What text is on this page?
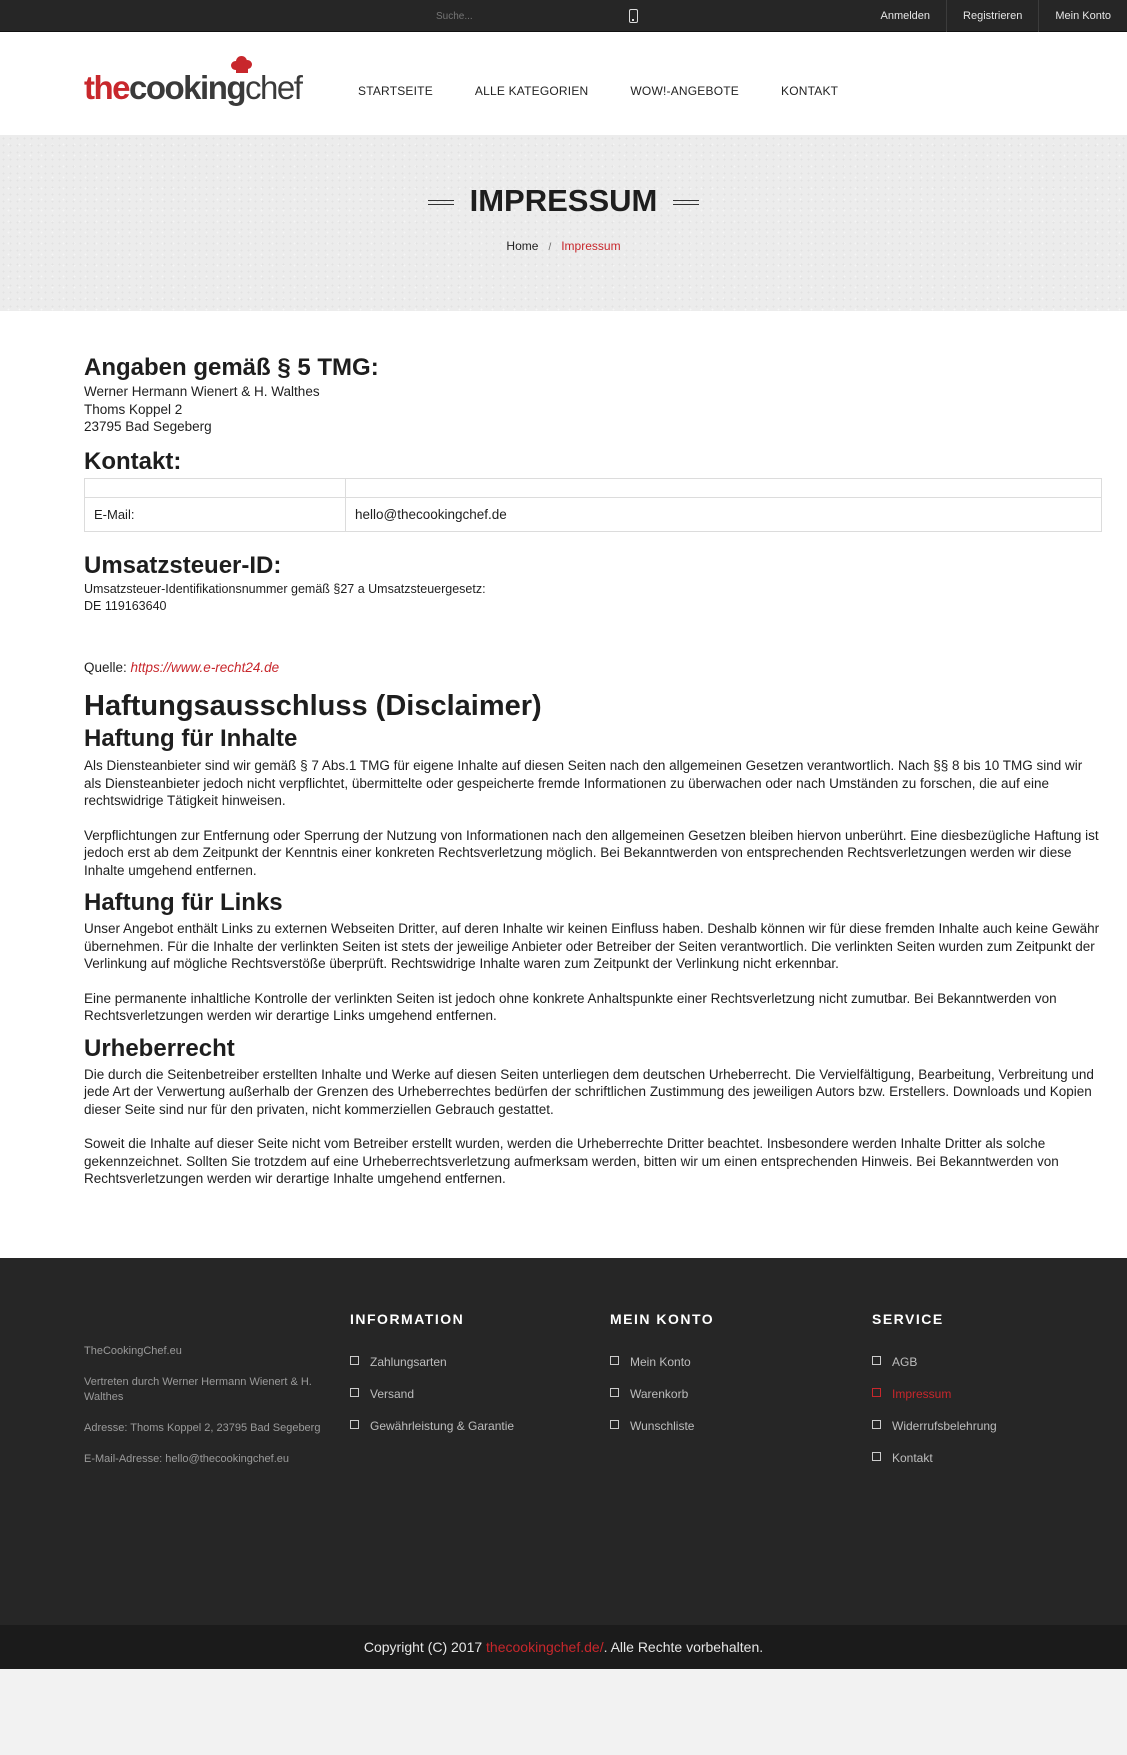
Suche...
Anmelden	Registrieren	Mein Konto
thecookingchef	STARTSEITE	ALLE KATEGORIEN	WOW!-ANGEBOTE	KONTAKT
IMPRESSUM
Home / Impressum
Angaben gemäß § 5 TMG:
Werner Hermann Wienert & H. Walthes
Thoms Koppel 2
23795 Bad Segeberg
Kontakt:

E-Mail:	hello@thecookingchef.de
Umsatzsteuer-ID:
Umsatzsteuer-Identifikationsnummer gemäß §27 a Umsatzsteuergesetz:
DE 119163640
Quelle: https://www.e-recht24.de
Haftungsausschluss (Disclaimer)
Haftung für Inhalte

Als Diensteanbieter sind wir gemäß § 7 Abs.1 TMG für eigene Inhalte auf diesen Seiten nach den allgemeinen Gesetzen verantwortlich. Nach §§ 8 bis 10 TMG sind wir als Diensteanbieter jedoch nicht verpflichtet, übermittelte oder gespeicherte fremde Informationen zu überwachen oder nach Umständen zu forschen, die auf eine rechtswidrige Tätigkeit hinweisen.

Verpflichtungen zur Entfernung oder Sperrung der Nutzung von Informationen nach den allgemeinen Gesetzen bleiben hiervon unberührt. Eine diesbezügliche Haftung ist jedoch erst ab dem Zeitpunkt der Kenntnis einer konkreten Rechtsverletzung möglich. Bei Bekanntwerden von entsprechenden Rechtsverletzungen werden wir diese Inhalte umgehend entfernen.

Haftung für Links

Unser Angebot enthält Links zu externen Webseiten Dritter, auf deren Inhalte wir keinen Einfluss haben. Deshalb können wir für diese fremden Inhalte auch keine Gewähr übernehmen. Für die Inhalte der verlinkten Seiten ist stets der jeweilige Anbieter oder Betreiber der Seiten verantwortlich. Die verlinkten Seiten wurden zum Zeitpunkt der Verlinkung auf mögliche Rechtsverstöße überprüft. Rechtswidrige Inhalte waren zum Zeitpunkt der Verlinkung nicht erkennbar.

Eine permanente inhaltliche Kontrolle der verlinkten Seiten ist jedoch ohne konkrete Anhaltspunkte einer Rechtsverletzung nicht zumutbar. Bei Bekanntwerden von Rechtsverletzungen werden wir derartige Links umgehend entfernen.

Urheberrecht

Die durch die Seitenbetreiber erstellten Inhalte und Werke auf diesen Seiten unterliegen dem deutschen Urheberrecht. Die Vervielfältigung, Bearbeitung, Verbreitung und jede Art der Verwertung außerhalb der Grenzen des Urheberrechtes bedürfen der schriftlichen Zustimmung des jeweiligen Autors bzw. Erstellers. Downloads und Kopien dieser Seite sind nur für den privaten, nicht kommerziellen Gebrauch gestattet.

Soweit die Inhalte auf dieser Seite nicht vom Betreiber erstellt wurden, werden die Urheberrechte Dritter beachtet. Insbesondere werden Inhalte Dritter als solche gekennzeichnet. Sollten Sie trotzdem auf eine Urheberrechtsverletzung aufmerksam werden, bitten wir um einen entsprechenden Hinweis. Bei Bekanntwerden von Rechtsverletzungen werden wir derartige Inhalte umgehend entfernen.

TheCookingChef.eu
Vertreten durch Werner Hermann Wienert & H. Walthes
Adresse: Thoms Koppel 2, 23795 Bad Segeberg
E-Mail-Adresse: hello@thecookingchef.eu
INFORMATION
Zahlungsarten
Versand
Gewährleistung & Garantie
MEIN KONTO
Mein Konto
Warenkorb
Wunschliste
SERVICE
AGB
Impressum
Widerrufsbelehrung
Kontakt
Copyright (C) 2017 thecookingchef.de/. Alle Rechte vorbehalten.
